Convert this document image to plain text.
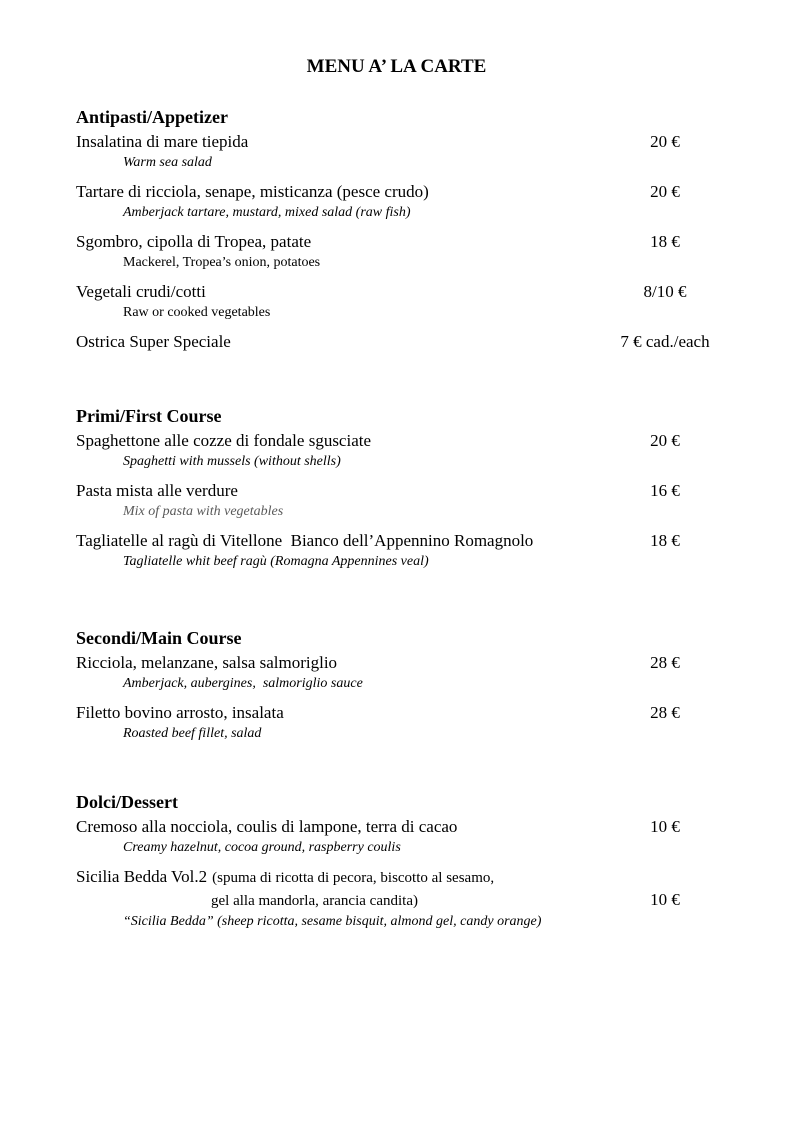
MENU A’ LA CARTE
Antipasti/Appetizer
Insalatina di mare tiepida	20 €
Warm sea salad
Tartare di ricciola, senape, misticanza (pesce crudo)	20 €
Amberjack tartare, mustard, mixed salad (raw fish)
Sgombro, cipolla di Tropea, patate	18 €
Mackerel, Tropea’s onion, potatoes
Vegetali crudi/cotti	8/10 €
Raw or cooked vegetables
Ostrica Super Speciale	7 € cad./each
Primi/First Course
Spaghettone alle cozze di fondale sgusciate	20 €
Spaghetti with mussels (without shells)
Pasta mista alle verdure	16 €
Mix of pasta with vegetables
Tagliatelle al ragù di Vitellone  Bianco dell’Appennino Romagnolo	18 €
Tagliatelle whit beef ragù (Romagna Appennines veal)
Secondi/Main Course
Ricciola, melanzane, salsa salmoriglio	28 €
Amberjack, aubergines,  salmoriglio sauce
Filetto bovino arrosto, insalata	28 €
Roasted beef fillet, salad
Dolci/Dessert
Cremoso alla nocciola, coulis di lampone, terra di cacao	10 €
Creamy hazelnut, cocoa ground, raspberry coulis
Sicilia Bedda Vol.2 (spuma di ricotta di pecora, biscotto al sesamo,
gel alla mandorla, arancia candita)	10 €
“Sicilia Bedda” (sheep ricotta, sesame bisquit, almond gel, candy orange)
